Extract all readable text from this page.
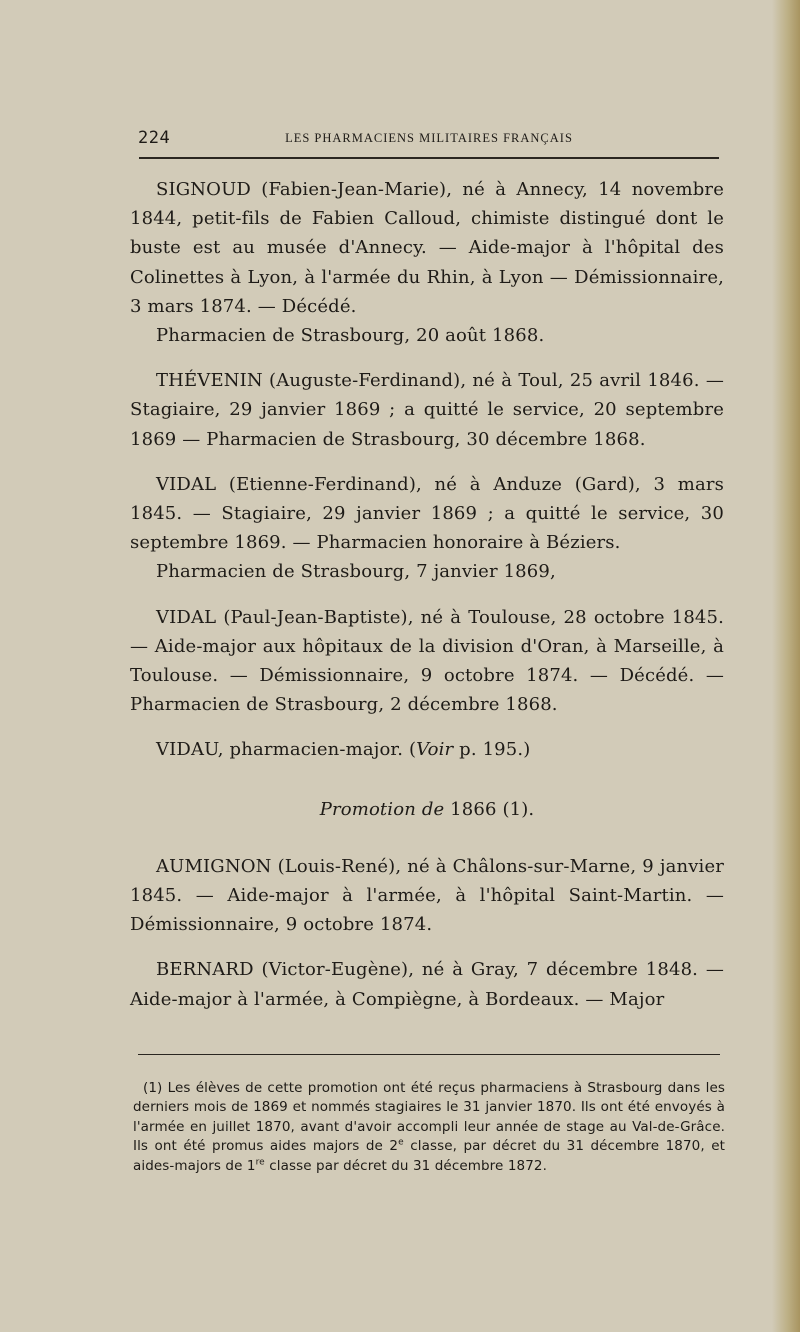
224	LES PHARMACIENS MILITAIRES FRANÇAIS

SIGNOUD (Fabien-Jean-Marie), né à Annecy, 14 novembre 1844, petit-fils de Fabien Calloud, chimiste distingué dont le buste est au musée d'Annecy. — Aide-major à l'hôpital des Colinettes à Lyon, à l'armée du Rhin, à Lyon — Démissionnaire, 3 mars 1874. — Décédé.

Pharmacien de Strasbourg, 20 août 1868.

THÉVENIN (Auguste-Ferdinand), né à Toul, 25 avril 1846. — Stagiaire, 29 janvier 1869 ; a quitté le service, 20 septembre 1869 — Pharmacien de Strasbourg, 30 décembre 1868.

VIDAL (Etienne-Ferdinand), né à Anduze (Gard), 3 mars 1845. — Stagiaire, 29 janvier 1869 ; a quitté le service, 30 septembre 1869. — Pharmacien honoraire à Béziers.

Pharmacien de Strasbourg, 7 janvier 1869,

VIDAL (Paul-Jean-Baptiste), né à Toulouse, 28 octobre 1845. — Aide-major aux hôpitaux de la division d'Oran, à Marseille, à Toulouse. — Démissionnaire, 9 octobre 1874. — Décédé. — Pharmacien de Strasbourg, 2 décembre 1868.

VIDAU, pharmacien-major. (Voir p. 195.)

Promotion de 1866 (1).

AUMIGNON (Louis-René), né à Châlons-sur-Marne, 9 janvier 1845. — Aide-major à l'armée, à l'hôpital Saint-Martin. — Démissionnaire, 9 octobre 1874.

BERNARD (Victor-Eugène), né à Gray, 7 décembre 1848. — Aide-major à l'armée, à Compiègne, à Bordeaux. — Major

(1) Les élèves de cette promotion ont été reçus pharmaciens à Strasbourg dans les derniers mois de 1869 et nommés stagiaires le 31 janvier 1870. Ils ont été envoyés à l'armée en juillet 1870, avant d'avoir accompli leur année de stage au Val-de-Grâce. Ils ont été promus aides majors de 2e classe, par décret du 31 décembre 1870, et aides-majors de 1re classe par décret du 31 décembre 1872.
